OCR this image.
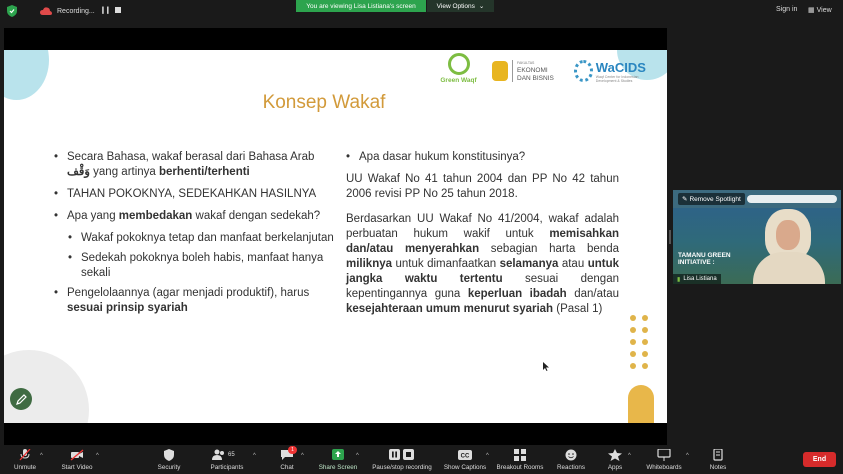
Recording... ❙❙
You are viewing Lisa Listiana's screen	View Options ⌄	Sign in ▦ View
Green Waqf
FAKULTAS
EKONOMI
DAN BISNIS
WaCIDS
Waqf Center for Indonesian Development & Studies
Konsep Wakaf
• Secara Bahasa, wakaf berasal dari Bahasa Arab وَقْف yang artinya berhenti/terhenti
• TAHAN POKOKNYA, SEDEKAHKAN HASILNYA
• Apa yang membedakan wakaf dengan sedekah?
• Wakaf pokoknya tetap dan manfaat berkelanjutan
• Sedekah pokoknya boleh habis, manfaat hanya sekali
• Pengelolaannya (agar menjadi produktif), harus sesuai prinsip syariah
• Apa dasar hukum konstitusinya?

UU Wakaf No 41 tahun 2004 dan PP No 42 tahun 2006 revisi PP No 25 tahun 2018.

Berdasarkan UU Wakaf No 41/2004, wakaf adalah perbuatan hukum wakif untuk memisahkan dan/atau menyerahkan sebagian harta benda miliknya untuk dimanfaatkan selamanya atau untuk jangka waktu tertentu sesuai dengan kepentingannya guna keperluan ibadah dan/atau kesejahteraan umum menurut syariah (Pasal 1)

✎ Remove Spotlight
TAMANU GREEN
INITIATIVE :
▮ Lisa Listiana
Unmute
^
Start Video
^
Security
65
Participants
^
1
Chat
^
Share Screen
^
Pause/stop recording
CC
Show Captions
^
Breakout Rooms Reactions	Apps
^
Whiteboards
^
Notes
End
